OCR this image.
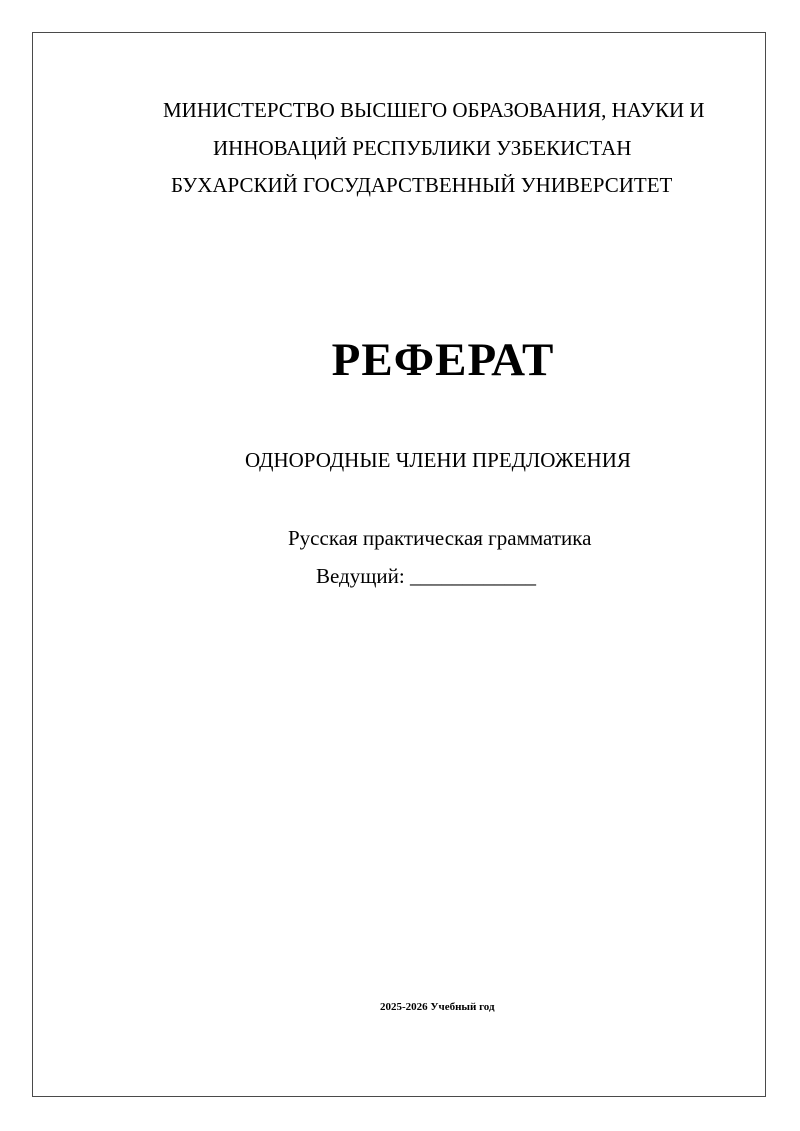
МИНИСТЕРСТВО ВЫСШЕГО ОБРАЗОВАНИЯ, НАУКИ И

ИННОВАЦИЙ РЕСПУБЛИКИ УЗБЕКИСТАН

БУХАРСКИЙ ГОСУДАРСТВЕННЫЙ УНИВЕРСИТЕТ

РЕФЕРАТ

ОДНОРОДНЫЕ ЧЛЕНИ ПРЕДЛОЖЕНИЯ

Русская практическая грамматика

Ведущий: ____________

2025-2026 Учебный год
